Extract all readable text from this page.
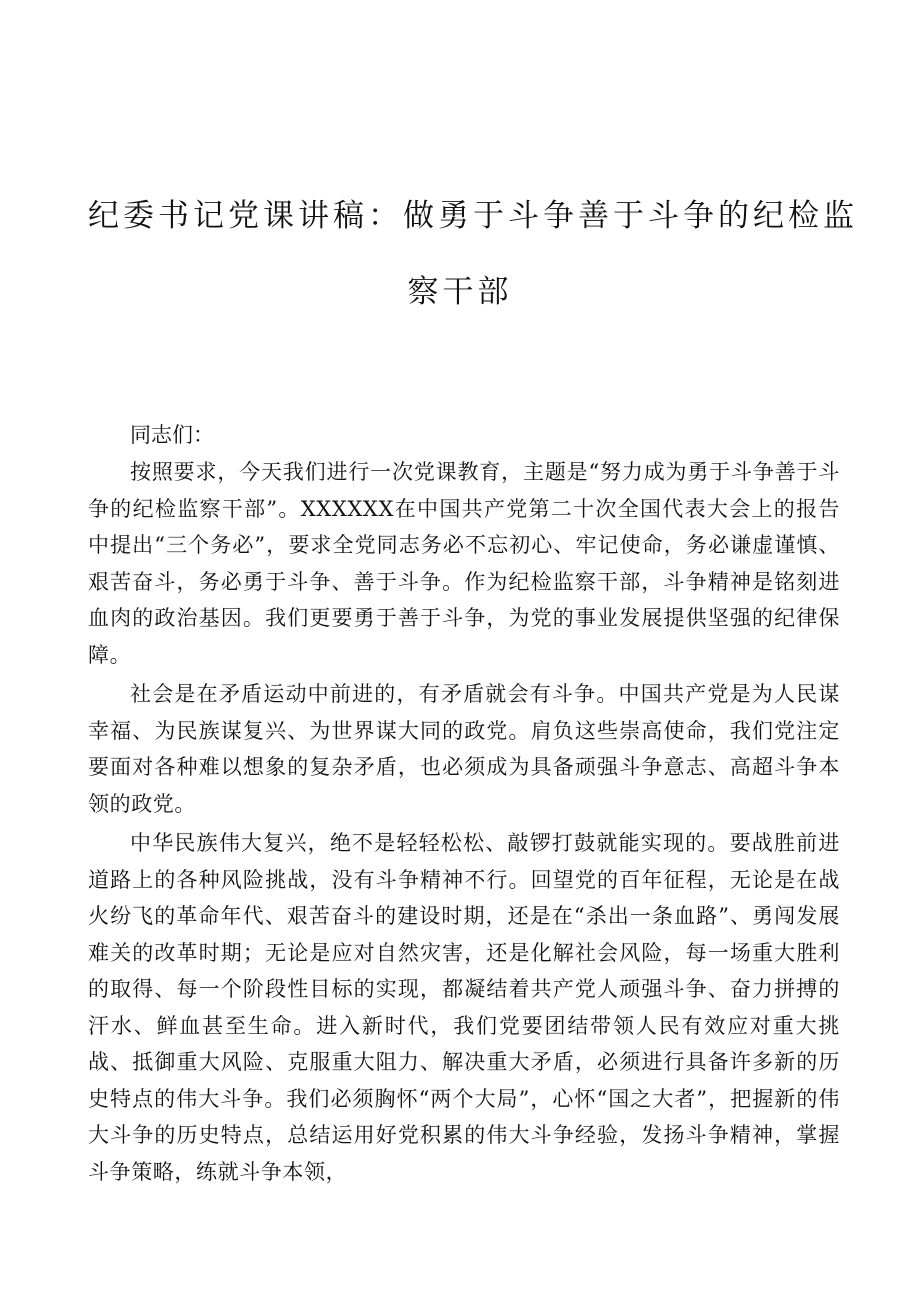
纪委书记党课讲稿：做勇于斗争善于斗争的纪检监
察干部

同志们：

按照要求，今天我们进行一次党课教育，主题是“努力成为勇于斗争善于斗争的纪检监察干部”。XXXXXX在中国共产党第二十次全国代表大会上的报告中提出“三个务必”，要求全党同志务必不忘初心、牢记使命，务必谦虚谨慎、艰苦奋斗，务必勇于斗争、善于斗争。作为纪检监察干部，斗争精神是铭刻进血肉的政治基因。我们更要勇于善于斗争，为党的事业发展提供坚强的纪律保障。

社会是在矛盾运动中前进的，有矛盾就会有斗争。中国共产党是为人民谋幸福、为民族谋复兴、为世界谋大同的政党。肩负这些崇高使命，我们党注定要面对各种难以想象的复杂矛盾，也必须成为具备顽强斗争意志、高超斗争本领的政党。

中华民族伟大复兴，绝不是轻轻松松、敲锣打鼓就能实现的。要战胜前进道路上的各种风险挑战，没有斗争精神不行。回望党的百年征程，无论是在战火纷飞的革命年代、艰苦奋斗的建设时期，还是在“杀出一条血路”、勇闯发展难关的改革时期；无论是应对自然灾害，还是化解社会风险，每一场重大胜利的取得、每一个阶段性目标的实现，都凝结着共产党人顽强斗争、奋力拼搏的汗水、鲜血甚至生命。进入新时代，我们党要团结带领人民有效应对重大挑战、抵御重大风险、克服重大阻力、解决重大矛盾，必须进行具备许多新的历史特点的伟大斗争。我们必须胸怀“两个大局”，心怀“国之大者”，把握新的伟大斗争的历史特点，总结运用好党积累的伟大斗争经验，发扬斗争精神，掌握斗争策略，练就斗争本领，
